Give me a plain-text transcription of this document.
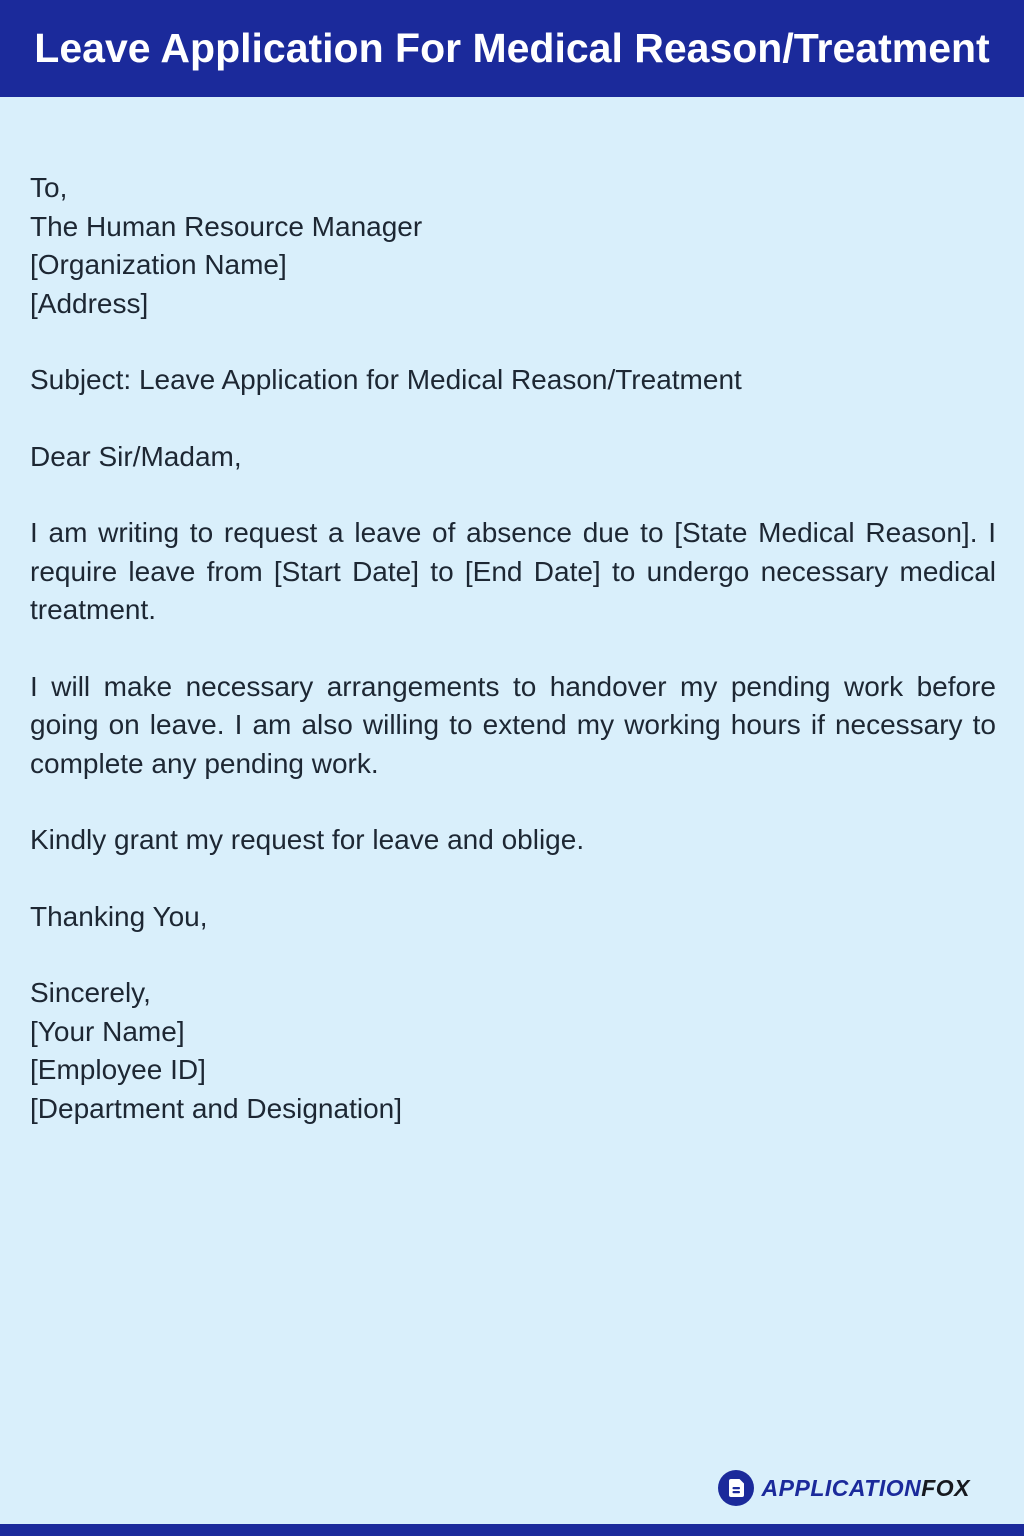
Leave Application For Medical Reason/Treatment
To,
The Human Resource Manager
[Organization Name]
[Address]

Subject: Leave Application for Medical Reason/Treatment

Dear Sir/Madam,

I am writing to request a leave of absence due to [State Medical Reason]. I require leave from [Start Date] to [End Date] to undergo necessary medical treatment.

I will make necessary arrangements to handover my pending work before going on leave. I am also willing to extend my working hours if necessary to complete any pending work.

Kindly grant my request for leave and oblige.

Thanking You,

Sincerely,
[Your Name]
[Employee ID]
[Department and Designation]
APPLICATIONFOX
